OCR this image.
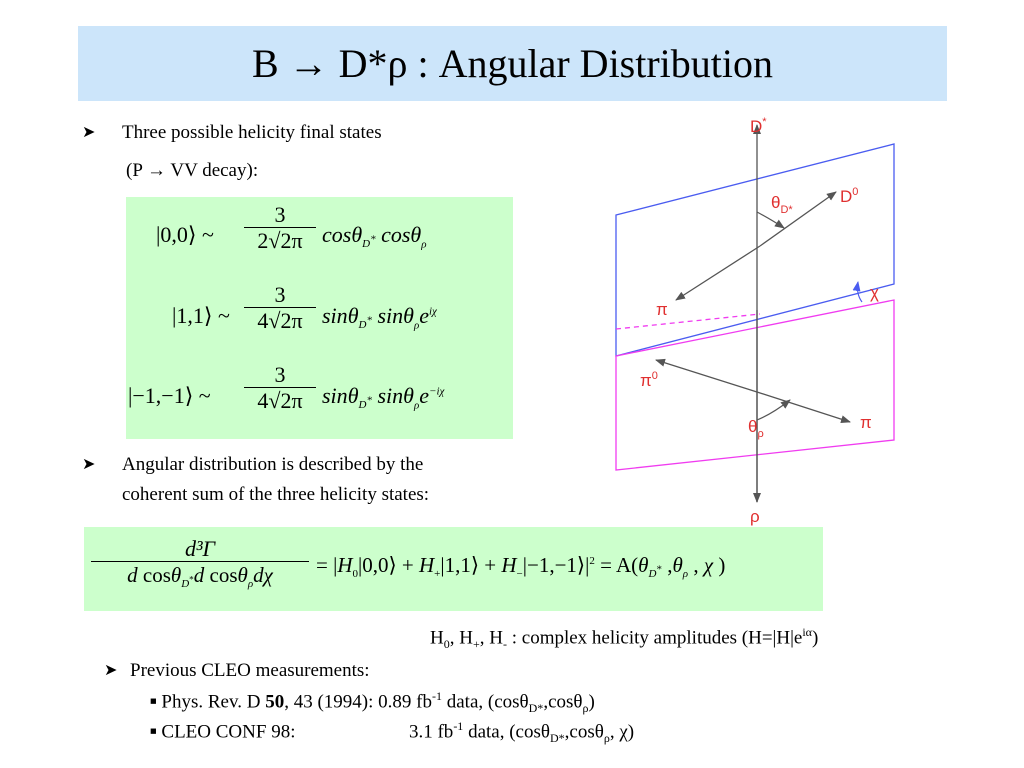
B → D*ρ : Angular Distribution
➤ Three possible helicity final states
(P → VV decay):
|0,0⟩ ~
3
2√2π cosθ$_{D^*}$ cosθ$_\rho$
|1,1⟩ ~
3
4√2π sinθ$_{D^*}$ $\sin\theta_\rho e^{i\chi}$
|−1,−1⟩ ~
3
4√2π sinθ$_{D^*}$ $\sin\theta_\rho e^{-i\chi}$
➤ Angular distribution is described by the
coherent sum of the three helicity states:
d³Γ
d cosθ$_{D^*}$d $\cos\theta_\rho d\chi = |H_0|0,0⟩$ + $H_+|1,1⟩$ + $H_-|-1,-1⟩|^2 = A(\theta_{D^*}$ $,\theta_\rho$ , χ )
$H_0$, $H_+$, $H_-$ : complex helicity amplitudes $(H=|H|e^{i\alpha})$
➤ Previous CLEO measurements:
■ Phys. Rev. D 50, 43 (1994): 0.89 $fb^{-1}$ data, (cosθ$_{D*}$,cosθ$_\rho$)
■ CLEO CONF 98:	3.1 $fb^{-1}$ data, (cosθ$_{D*}$,cosθ$_\rho$, χ)
D*
$D^0$
$\theta_{D*}$
π
χ
$\pi^0$
π
$\theta_\rho$
ρ
